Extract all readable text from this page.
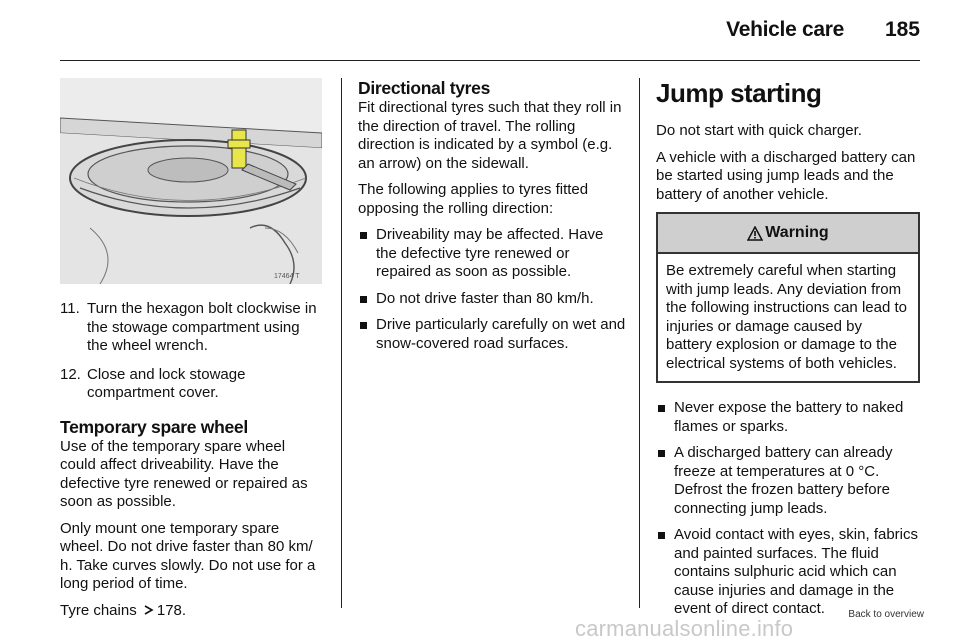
Vehicle care 185
17464 T
11. Turn the hexagon bolt clockwise in the stowage compartment using the wheel wrench.
12. Close and lock stowage compartment cover.
Temporary spare wheel

Use of the temporary spare wheel could affect driveability. Have the defective tyre renewed or repaired as soon as possible.

Only mount one temporary spare wheel. Do not drive faster than 80 km/ h. Take curves slowly. Do not use for a long period of time.

Tyre chains 178.

Directional tyres

Fit directional tyres such that they roll in the direction of travel. The rolling direction is indicated by a symbol (e.g. an arrow) on the sidewall.

The following applies to tyres fitted opposing the rolling direction:

Driveability may be affected. Have the defective tyre renewed or repaired as soon as possible.
Do not drive faster than 80 km/h.
Drive particularly carefully on wet and snow-covered road surfaces.
Jump starting

Do not start with quick charger.

A vehicle with a discharged battery can be started using jump leads and the battery of another vehicle.

Warning
Be extremely careful when starting with jump leads. Any deviation from the following instructions can lead to injuries or damage caused by battery explosion or damage to the electrical systems of both vehicles.
Never expose the battery to naked flames or sparks.
A discharged battery can already freeze at temperatures at 0 °C. Defrost the frozen battery before connecting jump leads.
Avoid contact with eyes, skin, fabrics and painted surfaces. The fluid contains sulphuric acid which can cause injuries and damage in the event of direct contact.	Back to overview
carmanualsonline.info
